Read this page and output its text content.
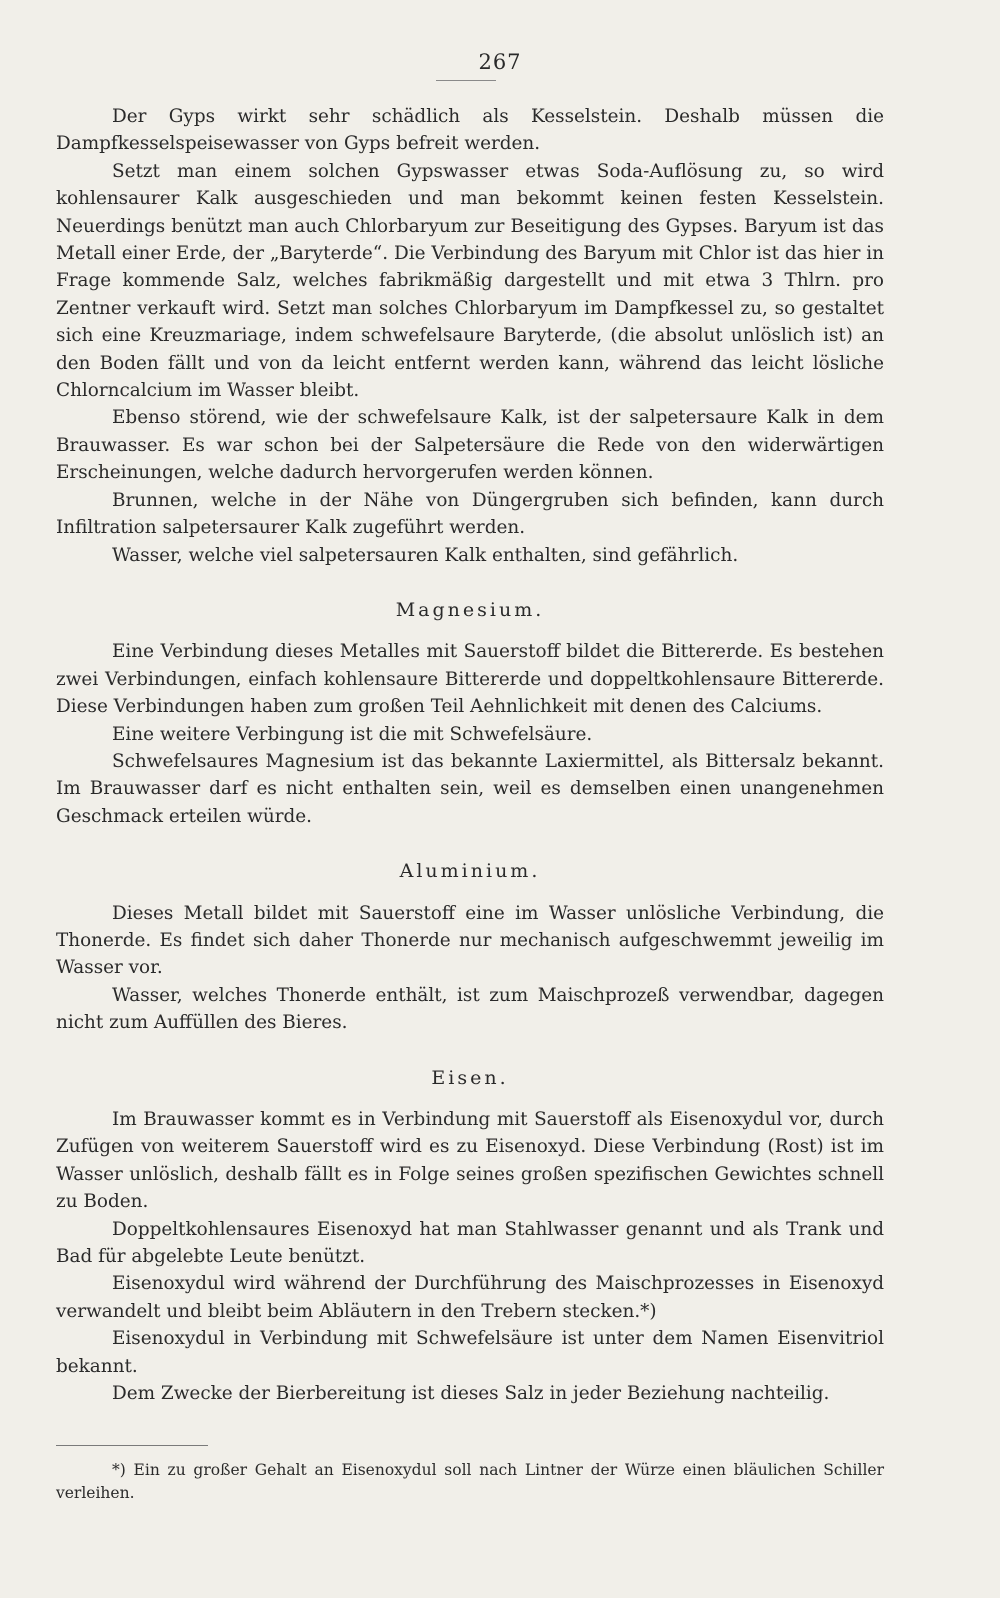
267

Der Gyps wirkt sehr schädlich als Kesselstein. Deshalb müssen die Dampfkesselspeisewasser von Gyps befreit werden.

Setzt man einem solchen Gypswasser etwas Soda-Auflösung zu, so wird kohlensaurer Kalk ausgeschieden und man bekommt keinen festen Kesselstein. Neuerdings benützt man auch Chlorbaryum zur Beseitigung des Gypses. Baryum ist das Metall einer Erde, der „Baryterde“. Die Verbindung des Baryum mit Chlor ist das hier in Frage kommende Salz, welches fabrikmäßig dargestellt und mit etwa 3 Thlrn. pro Zentner verkauft wird. Setzt man solches Chlorbaryum im Dampfkessel zu, so gestaltet sich eine Kreuzmariage, indem schwefelsaure Baryterde, (die absolut unlöslich ist) an den Boden fällt und von da leicht entfernt werden kann, während das leicht lösliche Chlorncalcium im Wasser bleibt.

Ebenso störend, wie der schwefelsaure Kalk, ist der salpetersaure Kalk in dem Brauwasser. Es war schon bei der Salpetersäure die Rede von den widerwärtigen Erscheinungen, welche dadurch hervorgerufen werden können.

Brunnen, welche in der Nähe von Düngergruben sich befinden, kann durch Infiltration salpetersaurer Kalk zugeführt werden.

Wasser, welche viel salpetersauren Kalk enthalten, sind gefährlich.

Magnesium.

Eine Verbindung dieses Metalles mit Sauerstoff bildet die Bittererde. Es bestehen zwei Verbindungen, einfach kohlensaure Bittererde und doppeltkohlensaure Bittererde. Diese Verbindungen haben zum großen Teil Aehnlichkeit mit denen des Calciums.

Eine weitere Verbingung ist die mit Schwefelsäure.

Schwefelsaures Magnesium ist das bekannte Laxiermittel, als Bittersalz bekannt. Im Brauwasser darf es nicht enthalten sein, weil es demselben einen unangenehmen Geschmack erteilen würde.

Aluminium.

Dieses Metall bildet mit Sauerstoff eine im Wasser unlösliche Verbindung, die Thonerde. Es findet sich daher Thonerde nur mechanisch aufgeschwemmt jeweilig im Wasser vor.

Wasser, welches Thonerde enthält, ist zum Maischprozeß verwendbar, dagegen nicht zum Auffüllen des Bieres.

Eisen.

Im Brauwasser kommt es in Verbindung mit Sauerstoff als Eisenoxydul vor, durch Zufügen von weiterem Sauerstoff wird es zu Eisenoxyd. Diese Verbindung (Rost) ist im Wasser unlöslich, deshalb fällt es in Folge seines großen spezifischen Gewichtes schnell zu Boden.

Doppeltkohlensaures Eisenoxyd hat man Stahlwasser genannt und als Trank und Bad für abgelebte Leute benützt.

Eisenoxydul wird während der Durchführung des Maischprozesses in Eisenoxyd verwandelt und bleibt beim Abläutern in den Trebern stecken.*)

Eisenoxydul in Verbindung mit Schwefelsäure ist unter dem Namen Eisenvitriol bekannt.

Dem Zwecke der Bierbereitung ist dieses Salz in jeder Beziehung nachteilig.

*) Ein zu großer Gehalt an Eisenoxydul soll nach Lintner der Würze einen bläulichen Schiller verleihen.
